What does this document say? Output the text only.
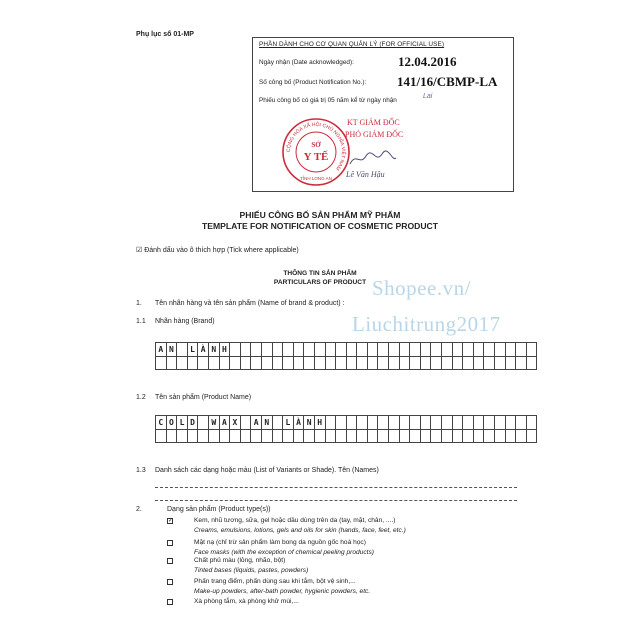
Phụ lục số 01-MP
PHẦN DÀNH CHO CƠ QUAN QUẢN LÝ (FOR OFFICIAL USE)
Ngày nhận (Date acknowledged):	12.04.2016
Số công bố (Product Notification No.): 141/16/CBMP-LA
Phiếu công bố có giá trị 05 năm kể từ ngày nhận
Lai
CỘNG HÒA XÃ HỘI CHỦ NGHĨA VIỆT NAM
TỈNH LONG AN
SỞ
Y TẾ
KT GIÁM ĐỐC
PHÓ GIÁM ĐỐC
Lê Văn Hậu
PHIẾU CÔNG BỐ SẢN PHẨM MỸ PHẨM
TEMPLATE FOR NOTIFICATION OF COSMETIC PRODUCT
☑ Đánh dấu vào ô thích hợp (Tick where applicable)
THÔNG TIN SẢN PHẨM
PARTICULARS OF PRODUCT Shopee.vn/
Liuchitrung2017
1. Tên nhãn hàng và tên sản phẩm (Name of brand & product) :
1.1 Nhãn hàng (Brand)
A	N		L	À	N	H																													

1.2 Tên sản phẩm (Product Name)
C	O	L	D		W	A	X		A	N		L	À	N	H																				

1.3 Danh sách các dạng hoặc màu (List of Variants or Shade). Tên (Names)
2.	Dạng sản phẩm (Product type(s))
✓	Kem, nhũ tương, sữa, gel hoặc dầu dùng trên da (tay, mặt, chân, ....)
Creams, emulsions, lotions, gels and oils for skin (hands, face, feet, etc.)
Mặt nạ (chỉ trừ sản phẩm làm bong da nguồn gốc hoá học)
Face masks (with the exception of chemical peeling products)
Chất phủ màu (lỏng, nhão, bột)
Tinted bases (liquids, pastes, powders)
Phấn trang điểm, phấn dùng sau khi tắm, bột vệ sinh,...
Make-up powders, after-bath powder, hygienic powders, etc.
Xà phòng tắm, xà phòng khử mùi,...
